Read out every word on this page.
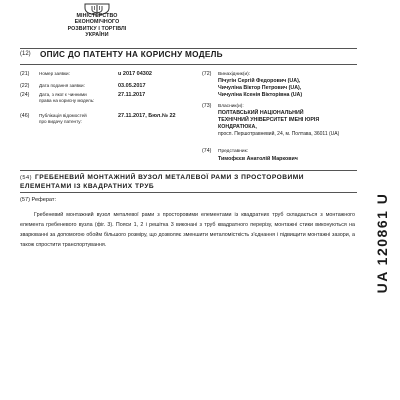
МІНІСТЕРСТВО
ЕКОНОМІЧНОГО
РОЗВИТКУ І ТОРГІВЛІ
УКРАЇНИ
(12) ОПИС ДО ПАТЕНТУ НА КОРИСНУ МОДЕЛЬ
(21) Номер заявки:	u 2017 04302
(22) Дата подання заявки:	03.05.2017
(24) Дата, з якої є чинними права на корисну модель:
27.11.2017
(46) Публікація відомостей про видачу патенту:
27.11.2017, Бюл.№ 22
(72) Винахідник(и):
Пічугін Сергій Федорович (UA),
Чичуліна Віктор Петрович (UA),
Чичуліна Ксенія Вікторівна (UA)
(73) Власник(и):
ПОЛТАВСЬКИЙ НАЦІОНАЛЬНИЙ
ТЕХНІЧНИЙ УНІВЕРСИТЕТ ІМЕНІ ЮРІЯ
КОНДРАТЮКА,
просп. Першотравневий, 24, м. Полтава, 36011 (UA)
(74) Представник:
Тимофєєв Анатолій Маркович
(54) ГРЕБЕНЕВИЙ МОНТАЖНИЙ ВУЗОЛ МЕТАЛЕВОЇ РАМИ З ПРОСТОРОВИМИ ЕЛЕМЕНТАМИ ІЗ КВАДРАТНИХ ТРУБ
(57) Реферат:
Гребеневий монтажний вузол металевої рами з просторовими елементами із квадратних труб складається з монтажного елемента гребеневого вузла (фіг. 3). Пояси 1, 2 і решітка 3 виконані з труб квадратного перерізу, монтажні стики виконуються на зварюванні за допомогою обойм більшого розміру, що дозволяє зменшити металомісткість з'єднання і підвищити монтажні зазори, а також спростити транспортування.	UA 120861 U
